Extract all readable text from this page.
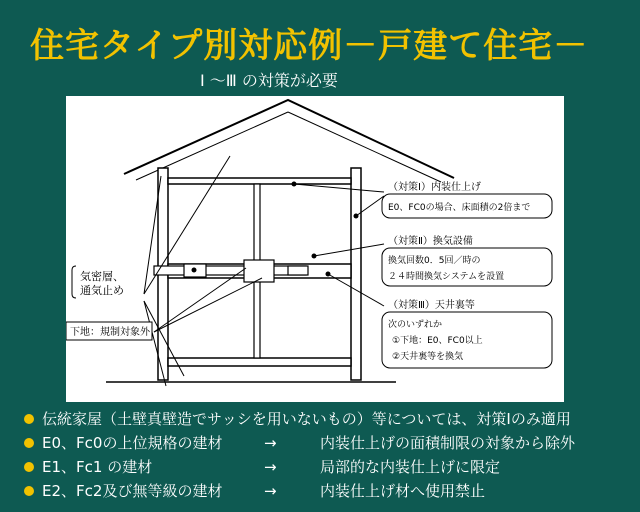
住宅タイプ別対応例－戸建て住宅－
Ⅰ ～Ⅲ の対策が必要
気密層、
通気止め
下地：規制対象外
（対策Ⅰ）内装仕上げ
E0、FC0の場合、床面積の2倍まで
（対策Ⅱ）換気設備
換気回数0．5回／時の
２４時間換気システムを設置
（対策Ⅲ）天井裏等
次のいずれか
①下地：E0、FC0以上
②天井裏等を換気
伝統家屋（土壁真壁造でサッシを用いないもの）等については、対策Ⅰのみ適用
E0、Fc0の上位規格の建材	→	内装仕上げの面積制限の対象から除外
E1、Fc1 の建材	→	局部的な内装仕上げに限定
E2、Fc2及び無等級の建材	→	内装仕上げ材へ使用禁止
